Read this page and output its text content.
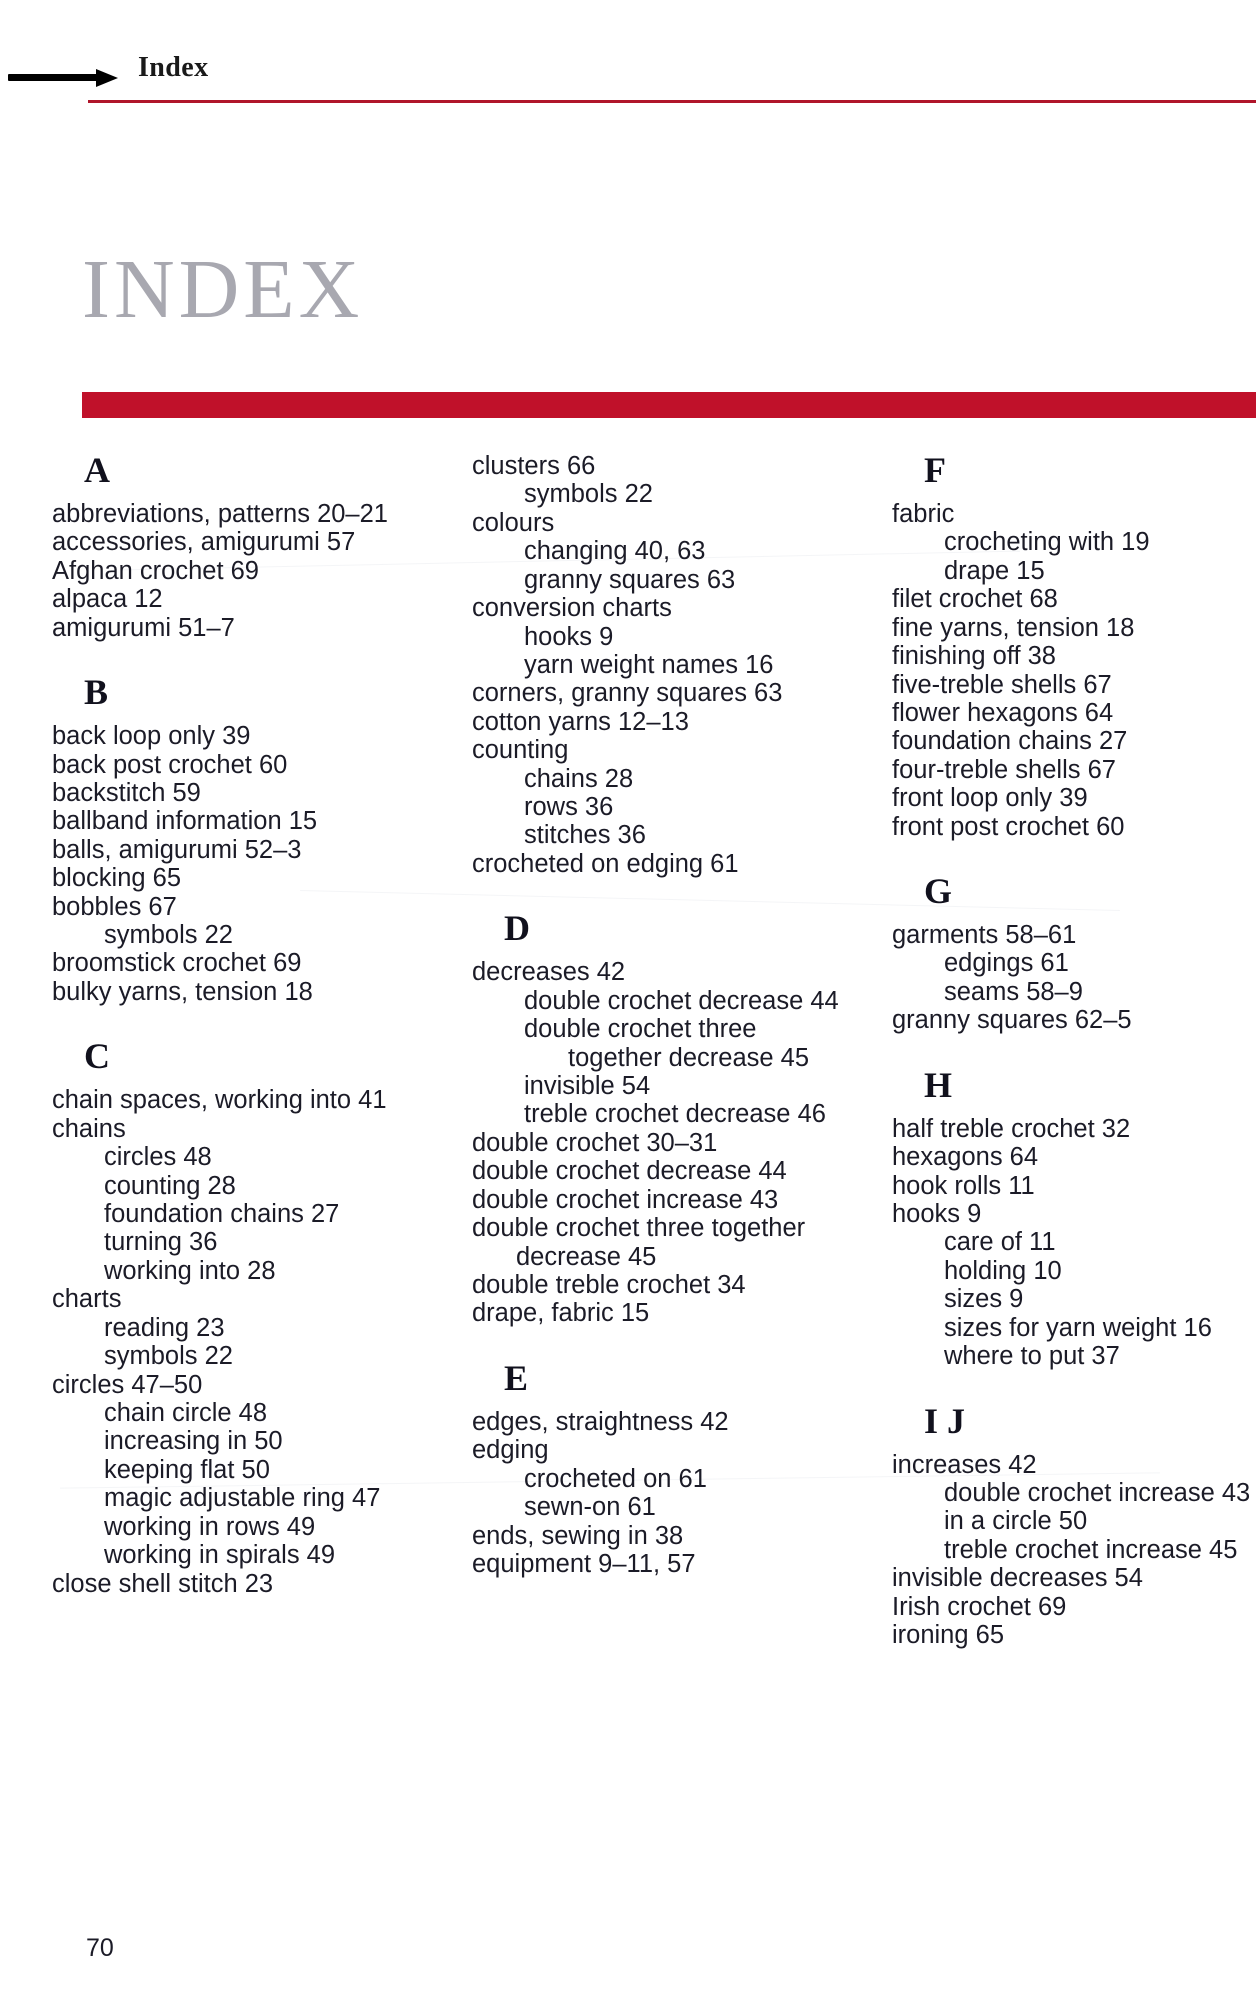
Index
INDEX
A
abbreviations, patterns 20–21
accessories, amigurumi 57
Afghan crochet 69
alpaca 12
amigurumi 51–7
B
back loop only 39
back post crochet 60
backstitch 59
ballband information 15
balls, amigurumi 52–3
blocking 65
bobbles 67
symbols 22
broomstick crochet 69
bulky yarns, tension 18
C
chain spaces, working into 41
chains
circles 48
counting 28
foundation chains 27
turning 36
working into 28
charts
reading 23
symbols 22
circles 47–50
chain circle 48
increasing in 50
keeping flat 50
magic adjustable ring 47
working in rows 49
working in spirals 49
close shell stitch 23
clusters 66
symbols 22
colours
changing 40, 63
granny squares 63
conversion charts
hooks 9
yarn weight names 16
corners, granny squares 63
cotton yarns 12–13
counting
chains 28
rows 36
stitches 36
crocheted on edging 61
D
decreases 42
double crochet decrease 44
double crochet three together decrease 45
invisible 54
treble crochet decrease 46
double crochet 30–31
double crochet decrease 44
double crochet increase 43
double crochet three together decrease 45
double treble crochet 34
drape, fabric 15
E
edges, straightness 42
edging
crocheted on 61
sewn-on 61
ends, sewing in 38
equipment 9–11, 57
F
fabric
crocheting with 19
drape 15
filet crochet 68
fine yarns, tension 18
finishing off 38
five-treble shells 67
flower hexagons 64
foundation chains 27
four-treble shells 67
front loop only 39
front post crochet 60
G
garments 58–61
edgings 61
seams 58–9
granny squares 62–5
H
half treble crochet 32
hexagons 64
hook rolls 11
hooks 9
care of 11
holding 10
sizes 9
sizes for yarn weight 16
where to put 37
I J
increases 42
double crochet increase 43
in a circle 50
treble crochet increase 45
invisible decreases 54
Irish crochet 69
ironing 65
70
